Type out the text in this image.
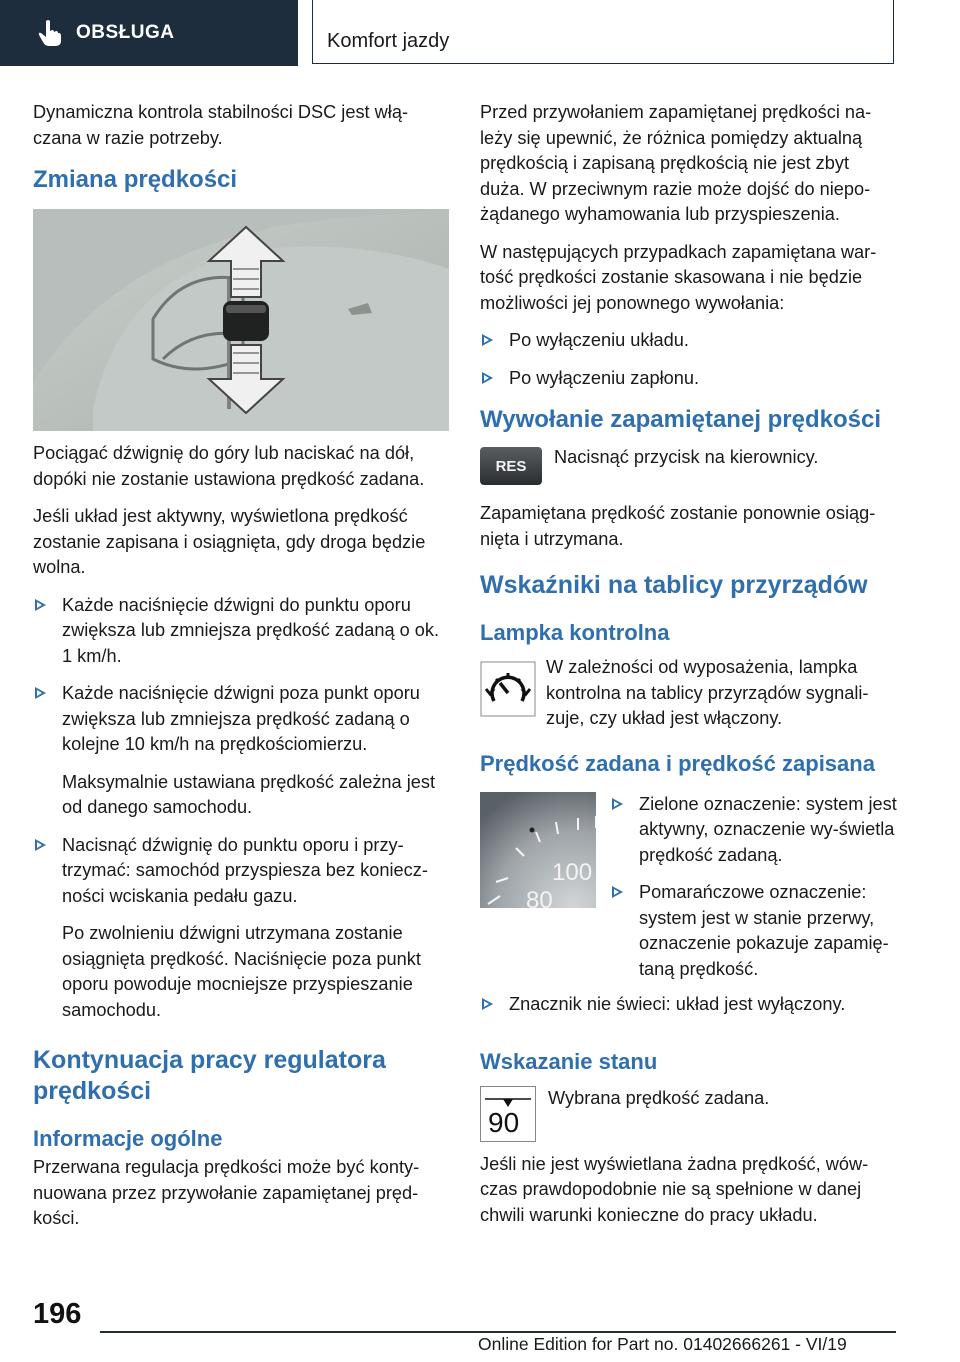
OBSŁUGA	Komfort jazdy

Dynamiczna kontrola stabilności DSC jest włą‐czana w razie potrzeby.

Zmiana prędkości

Pociągać dźwignię do góry lub naciskać na dół, dopóki nie zostanie ustawiona prędkość zadana.

Jeśli układ jest aktywny, wyświetlona prędkość zostanie zapisana i osiągnięta, gdy droga będzie wolna.

Każde naciśnięcie dźwigni do punktu oporu zwiększa lub zmniejsza prędkość zadaną o ok. 1 km/h.

Każde naciśnięcie dźwigni poza punkt oporu zwiększa lub zmniejsza prędkość zadaną o kolejne 10 km/h na prędkościomierzu.

Maksymalnie ustawiana prędkość zależna jest od danego samochodu.

Nacisnąć dźwignię do punktu oporu i przy‐trzymać: samochód przyspiesza bez koniecz‐ności wciskania pedału gazu.

Po zwolnieniu dźwigni utrzymana zostanie osiągnięta prędkość. Naciśnięcie poza punkt oporu powoduje mocniejsze przyspieszanie samochodu.

Kontynuacja pracy regulatora prędkości
Informacje ogólne

Przerwana regulacja prędkości może być konty‐nuowana przez przywołanie zapamiętanej pręd‐kości.

Przed przywołaniem zapamiętanej prędkości na‐leży się upewnić, że różnica pomiędzy aktualną prędkością i zapisaną prędkością nie jest zbyt duża. W przeciwnym razie może dojść do niepo‐żądanego wyhamowania lub przyspieszenia.

W następujących przypadkach zapamiętana war‐tość prędkości zostanie skasowana i nie będzie możliwości jej ponownego wywołania:

Po wyłączeniu układu.

Po wyłączeniu zapłonu.

Wywołanie zapamiętanej prędkości
RES Nacisnąć przycisk na kierownicy.

Zapamiętana prędkość zostanie ponownie osiąg‐nięta i utrzymana.

Wskaźniki na tablicy przyrządów
Lampka kontrolna

W zależności od wyposażenia, lampka kontrolna na tablicy przyrządów sygnali‐zuje, czy układ jest włączony.

Prędkość zadana i prędkość zapisana
100
80

Zielone oznaczenie: system jest aktywny, oznaczenie wy‐świetla prędkość zadaną.

Pomarańczowe oznaczenie: system jest w stanie przerwy, oznaczenie pokazuje zapamię‐taną prędkość.

Znacznik nie świeci: układ jest wyłączony.

Wskazanie stanu
90

Wybrana prędkość zadana.

Jeśli nie jest wyświetlana żadna prędkość, wów‐czas prawdopodobnie nie są spełnione w danej chwili warunki konieczne do pracy układu.

196
Online Edition for Part no. 01402666261 - VI/19
